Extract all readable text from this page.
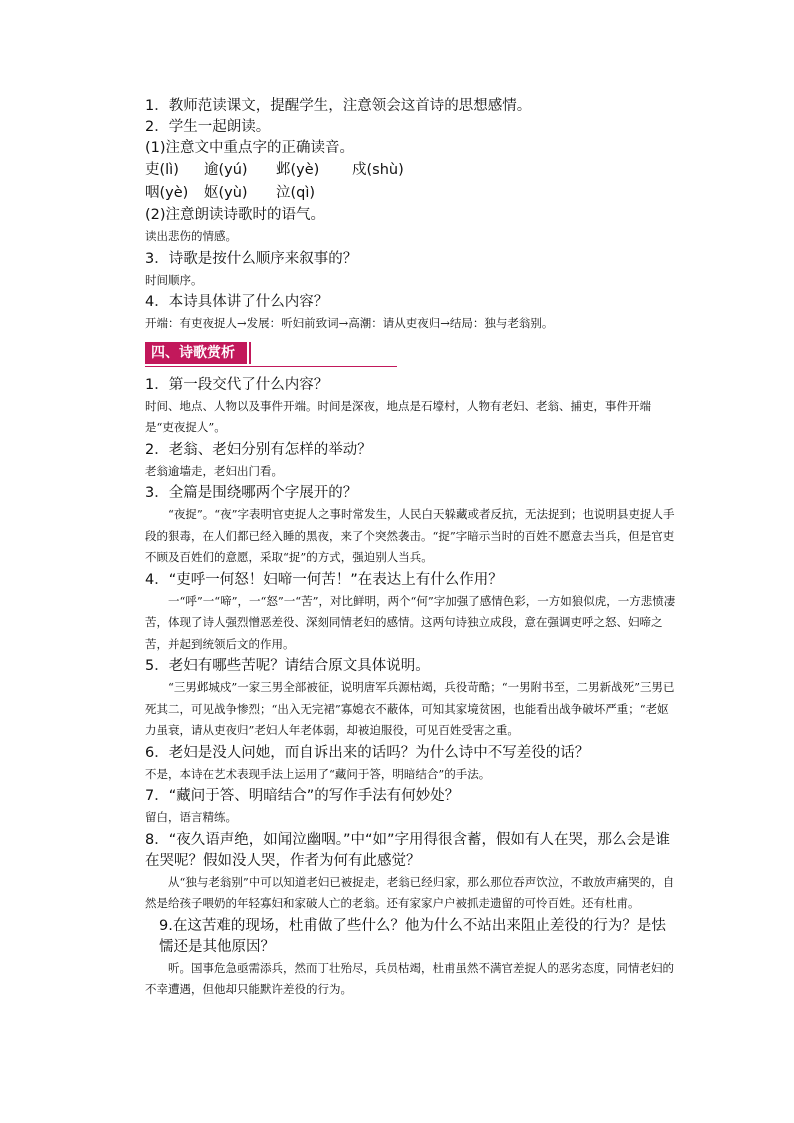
1．教师范读课文，提醒学生，注意领会这首诗的思想感情。

2．学生一起朗读。

(1)注意文中重点字的正确读音。

吏(lì)	逾(yú)	邺(yè)	戍(shù)
咽(yè)	妪(yù)	泣(qì)

(2)注意朗读诗歌时的语气。

读出悲伤的情感。

3．诗歌是按什么顺序来叙事的？

时间顺序。

4．本诗具体讲了什么内容？

开端：有吏夜捉人→发展：听妇前致词→高潮：请从吏夜归→结局：独与老翁别。

四、诗歌赏析

1．第一段交代了什么内容？

时间、地点、人物以及事件开端。时间是深夜，地点是石壕村，人物有老妇、老翁、捕吏，事件开端是“吏夜捉人”。

2．老翁、老妇分别有怎样的举动？

老翁逾墙走，老妇出门看。

3．全篇是围绕哪两个字展开的？

“夜捉”。“夜”字表明官吏捉人之事时常发生，人民白天躲藏或者反抗，无法捉到；也说明县吏捉人手段的狠毒，在人们都已经入睡的黑夜，来了个突然袭击。“捉”字暗示当时的百姓不愿意去当兵，但是官吏不顾及百姓们的意愿，采取“捉”的方式，强迫别人当兵。

4．“吏呼一何怒！妇啼一何苦！”在表达上有什么作用？

一“呼”一“啼”，一“怒”一“苦”，对比鲜明，两个“何”字加强了感情色彩，一方如狼似虎，一方悲愤凄苦，体现了诗人强烈憎恶差役、深刻同情老妇的感情。这两句诗独立成段，意在强调吏呼之怒、妇啼之苦，并起到统领后文的作用。

5．老妇有哪些苦呢？请结合原文具体说明。

“三男邺城戍”一家三男全部被征，说明唐军兵源枯竭，兵役苛酷；“一男附书至，二男新战死”三男已死其二，可见战争惨烈；“出入无完裙”寡媳衣不蔽体，可知其家境贫困，也能看出战争破坏严重；“老妪力虽衰，请从吏夜归”老妇人年老体弱，却被迫服役，可见百姓受害之重。

6．老妇是没人问她，而自诉出来的话吗？为什么诗中不写差役的话？

不是，本诗在艺术表现手法上运用了“藏问于答，明暗结合”的手法。

7．“藏问于答、明暗结合”的写作手法有何妙处？

留白，语言精练。

8．“夜久语声绝，如闻泣幽咽。”中“如”字用得很含蓄，假如有人在哭，那么会是谁在哭呢？假如没人哭，作者为何有此感觉？

从“独与老翁别”中可以知道老妇已被捉走，老翁已经归家，那么那位吞声饮泣，不敢放声痛哭的，自然是给孩子喂奶的年轻寡妇和家破人亡的老翁。还有家家户户被抓走遗留的可怜百姓。还有杜甫。

9.在这苦难的现场，杜甫做了些什么？他为什么不站出来阻止差役的行为？是怯懦还是其他原因？

听。国事危急亟需添兵，然而丁壮殆尽，兵员枯竭，杜甫虽然不满官差捉人的恶劣态度，同情老妇的不幸遭遇，但他却只能默许差役的行为。
